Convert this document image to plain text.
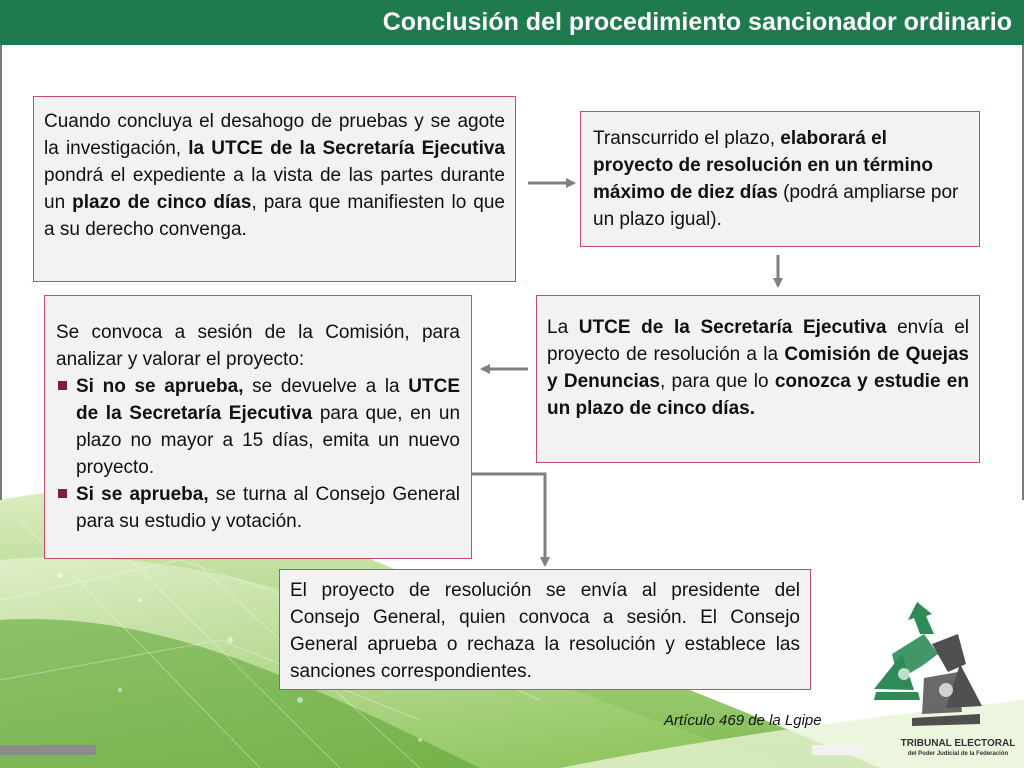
Conclusión del procedimiento sancionador ordinario

Cuando concluya el desahogo de pruebas y se agote la investigación, la UTCE de la Secretaría Ejecutiva pondrá el expediente a la vista de las partes durante un plazo de cinco días, para que manifiesten lo que a su derecho convenga.

Transcurrido el plazo, elaborará el proyecto de resolución en un término máximo de diez días (podrá ampliarse por un plazo igual).

La UTCE de la Secretaría Ejecutiva envía el proyecto de resolución a la Comisión de Quejas y Denuncias, para que lo conozca y estudie en un plazo de cinco días.

Se convoca a sesión de la Comisión, para analizar y valorar el proyecto:

Si no se aprueba, se devuelve a la UTCE de la Secretaría Ejecutiva para que, en un plazo no mayor a 15 días, emita un nuevo proyecto.
Si se aprueba, se turna al Consejo General para su estudio y votación.

El proyecto de resolución se envía al presidente del Consejo General, quien convoca a sesión. El Consejo General aprueba o rechaza la resolución y establece las sanciones correspondientes.

Artículo 469 de la Lgipe
TRIBUNAL ELECTORAL
del Poder Judicial de la Federación
